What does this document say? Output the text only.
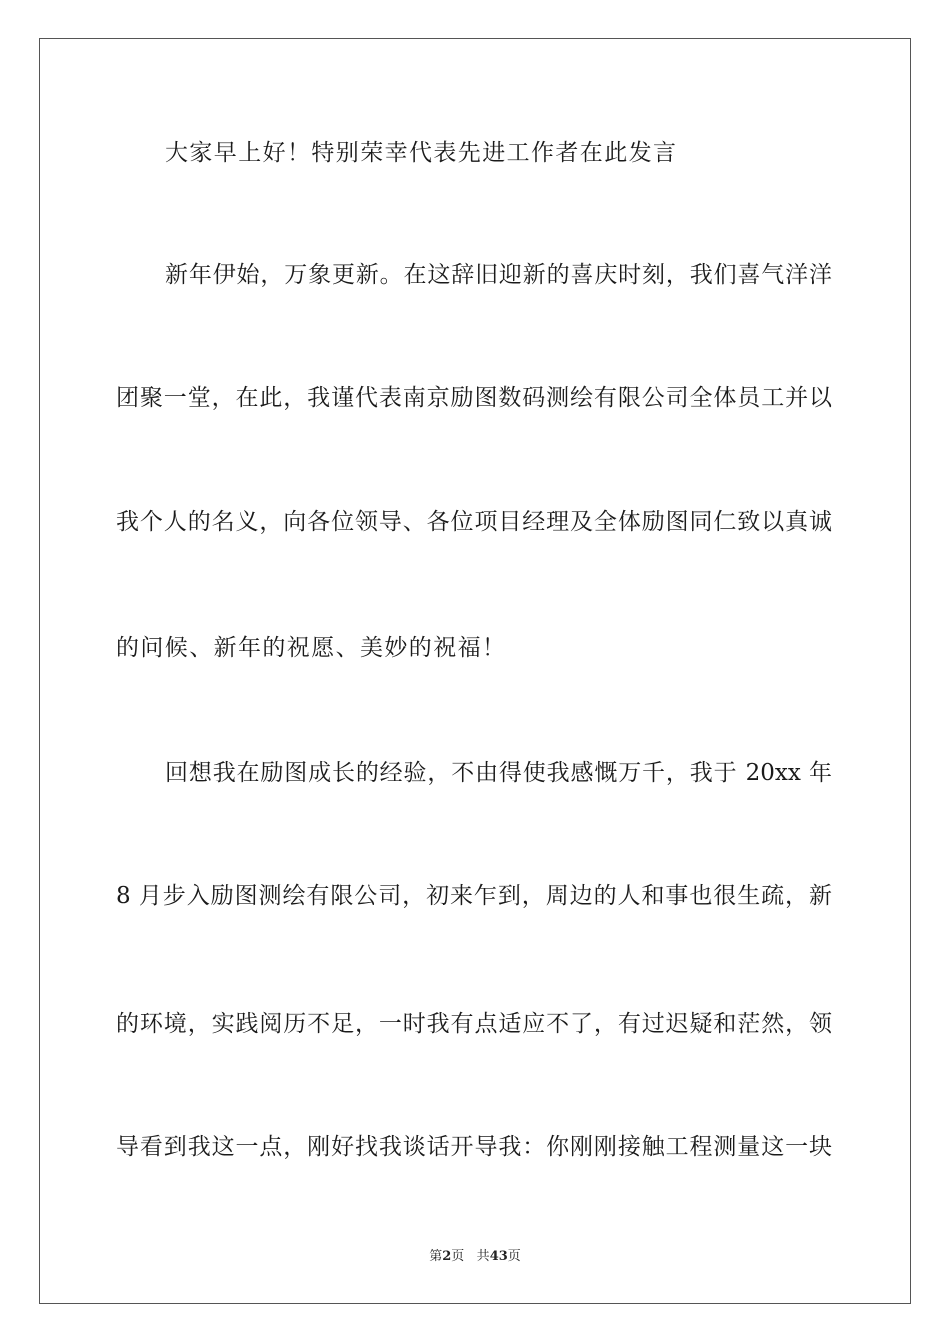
大家早上好！特别荣幸代表先进工作者在此发言
新年伊始，万象更新。在这辞旧迎新的喜庆时刻，我们喜气洋洋
团聚一堂，在此，我谨代表南京励图数码测绘有限公司全体员工并以
我个人的名义，向各位领导、各位项目经理及全体励图同仁致以真诚
的问候、新年的祝愿、美妙的祝福！
回想我在励图成长的经验，不由得使我感慨万千，我于 20xx 年
8 月步入励图测绘有限公司，初来乍到，周边的人和事也很生疏，新
的环境，实践阅历不足，一时我有点适应不了，有过迟疑和茫然，领
导看到我这一点，刚好找我谈话开导我：你刚刚接触工程测量这一块
第2页 共43页
